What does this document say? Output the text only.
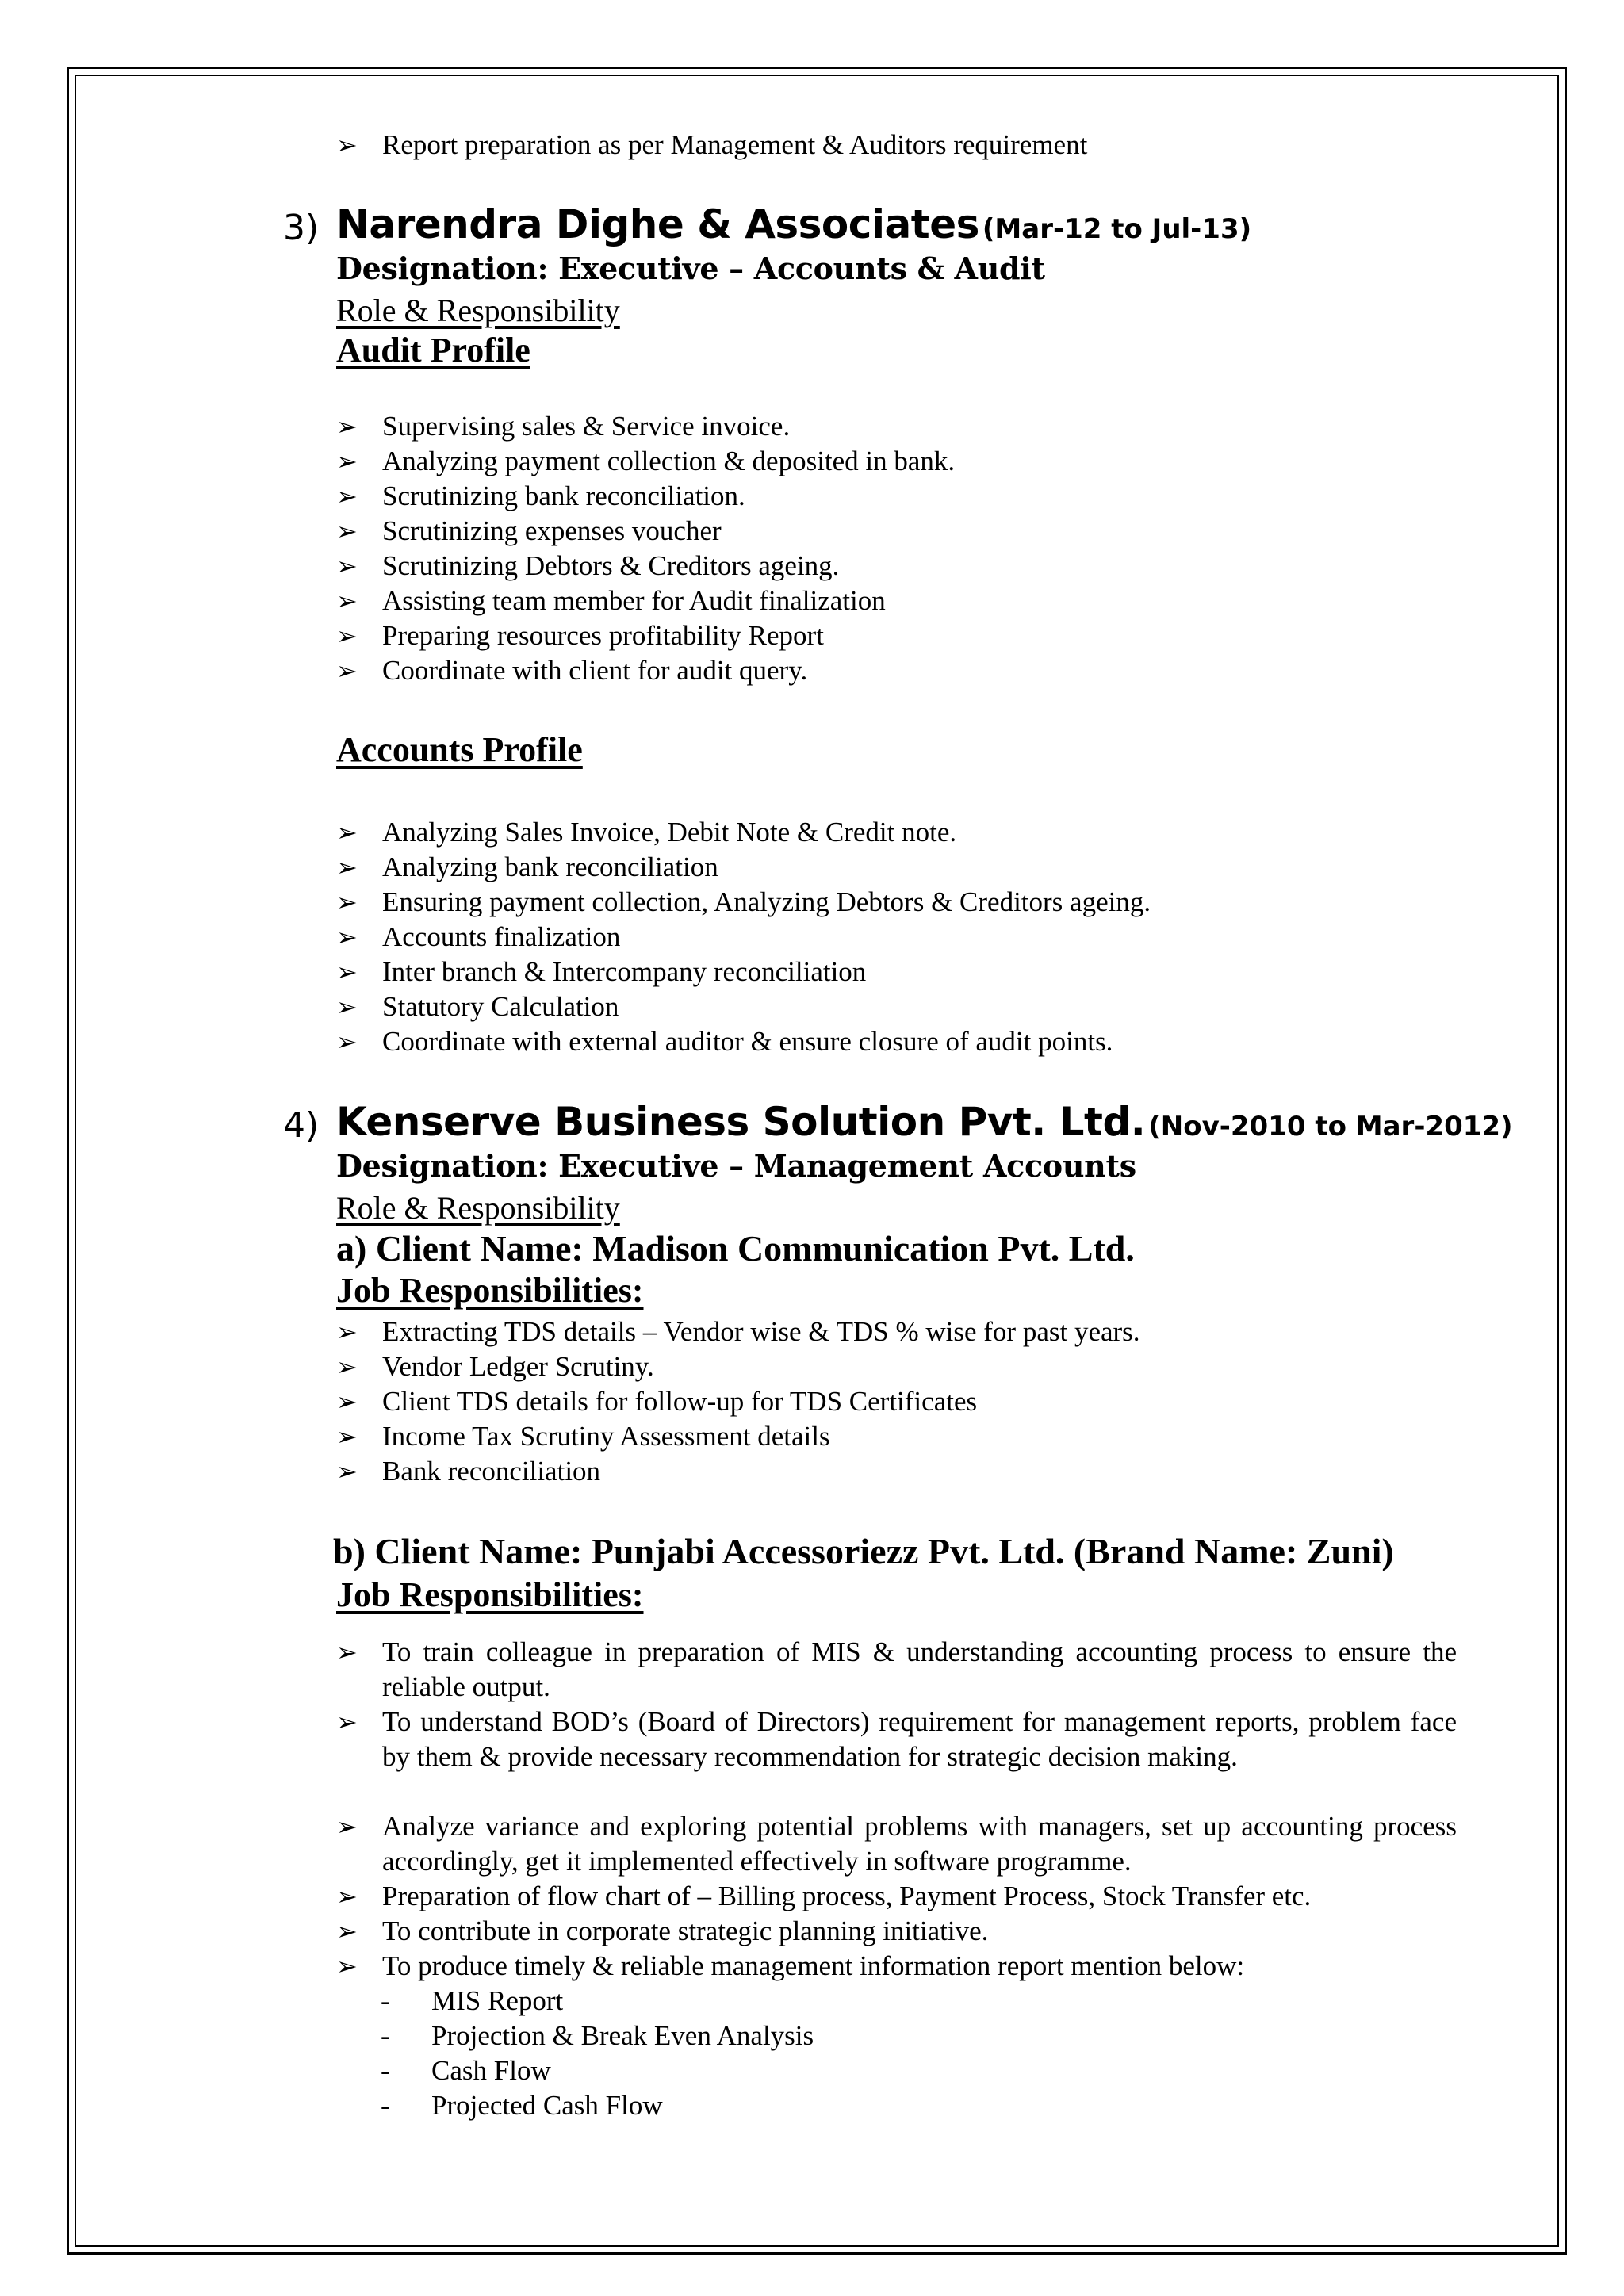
➢ Report preparation as per Management & Auditors requirement
3) Narendra Dighe & Associates (Mar-12 to Jul-13)
Designation: Executive – Accounts & Audit
Role & Responsibility
Audit Profile
➢ Supervising sales & Service invoice.
➢ Analyzing payment collection & deposited in bank.
➢ Scrutinizing bank reconciliation.
➢ Scrutinizing expenses voucher
➢ Scrutinizing Debtors & Creditors ageing.
➢ Assisting team member for Audit finalization
➢ Preparing resources profitability Report
➢ Coordinate with client for audit query.
Accounts Profile
➢ Analyzing Sales Invoice, Debit Note & Credit note.
➢ Analyzing bank reconciliation
➢ Ensuring payment collection, Analyzing Debtors & Creditors ageing.
➢ Accounts finalization
➢ Inter branch & Intercompany reconciliation
➢ Statutory Calculation
➢ Coordinate with external auditor & ensure closure of audit points.
4) Kenserve Business Solution Pvt. Ltd. (Nov-2010 to Mar-2012)
Designation: Executive – Management Accounts
Role & Responsibility
a) Client Name: Madison Communication Pvt. Ltd.
Job Responsibilities:
➢ Extracting TDS details – Vendor wise & TDS % wise for past years.
➢ Vendor Ledger Scrutiny.
➢ Client TDS details for follow-up for TDS Certificates
➢ Income Tax Scrutiny Assessment details
➢ Bank reconciliation
b) Client Name: Punjabi Accessoriezz Pvt. Ltd. (Brand Name: Zuni)
Job Responsibilities:
➢ To train colleague in preparation of MIS & understanding accounting process to ensure the reliable output.
➢ To understand BOD’s (Board of Directors) requirement for management reports, problem face by them & provide necessary recommendation for strategic decision making.
➢ Analyze variance and exploring potential problems with managers, set up accounting process accordingly, get it implemented effectively in software programme.
➢ Preparation of flow chart of – Billing process, Payment Process, Stock Transfer etc.
➢ To contribute in corporate strategic planning initiative.
➢ To produce timely & reliable management information report mention below:
- MIS Report
- Projection & Break Even Analysis
- Cash Flow
- Projected Cash Flow
